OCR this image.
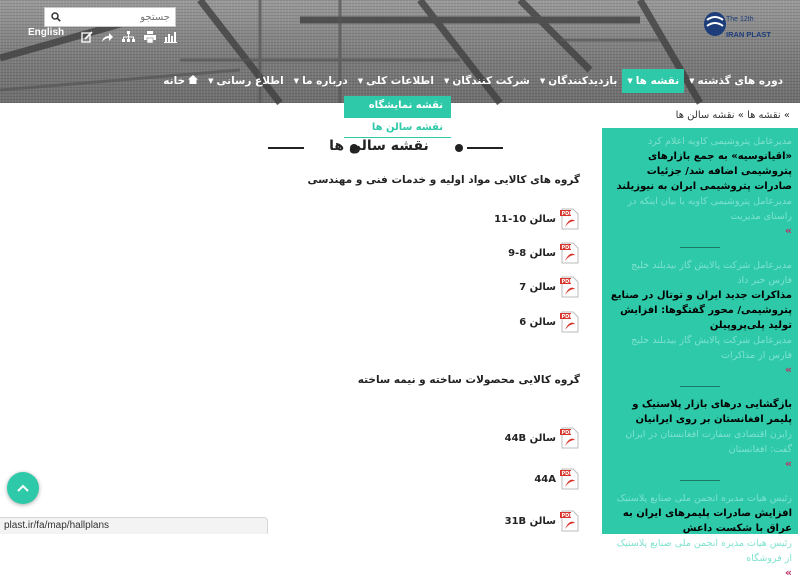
The 12th
IRAN PLAST
جستجو
English
خانه	اطلاع رسانی
▼	درباره ما
▼	اطلاعات کلی
▼	شرکت کنندگان
▼	بازدیدکنندگان
▼	نقشه ها
▼	دوره های گذشته
▼
نقشه نمایشگاه
نقشه سالن ها
» نقشه ها » نقشه سالن ها
نقشه سالن ها
گروه های کالایی مواد اولیه و خدمات فنی و مهندسی
PDF
سالن 10-11
PDF
سالن 8-9
PDF
سالن 7
PDF
سالن 6
گروه کالایی محصولات ساخته و نیمه ساخته
PDF
سالن 44B
PDF
44A
PDF
سالن 31B
مدیرعامل پتروشیمی کاویه اعلام کرد
«اقیانوسیه» به جمع بازارهای پتروشیمی اضافه شد/ جزئیات صادرات پتروشیمی ایران به نیوزیلند
مدیرعامل پتروشیمی کاویه با بیان اینکه در راستای مدیریت
»
مدیرعامل شرکت پالایش گاز بیدبلند خلیج فارس خبر داد
مذاکرات جدید ایران و توتال در صنایع پتروشیمی/ محور گفتگوها: افزایش تولید پلی‌پروپیلن
مدیرعامل شرکت پالایش گاز بیدبلند خلیج فارس از مذاکرات
»
بازگشایی درهای بازار پلاستیک و پلیمر افغانستان بر روی ایرانیان
رایزن اقتصادی سفارت افغانستان در ایران گفت: افغانستان
»
رئیس هیات مدیره انجمن ملی صنایع پلاستیک
افزایش صادرات پلیمرهای ایران به عراق با شکست داعش
رئیس هیات مدیره انجمن ملی صنایع پلاستیک از فروشگاه
»
plast.ir/fa/map/hallplans
